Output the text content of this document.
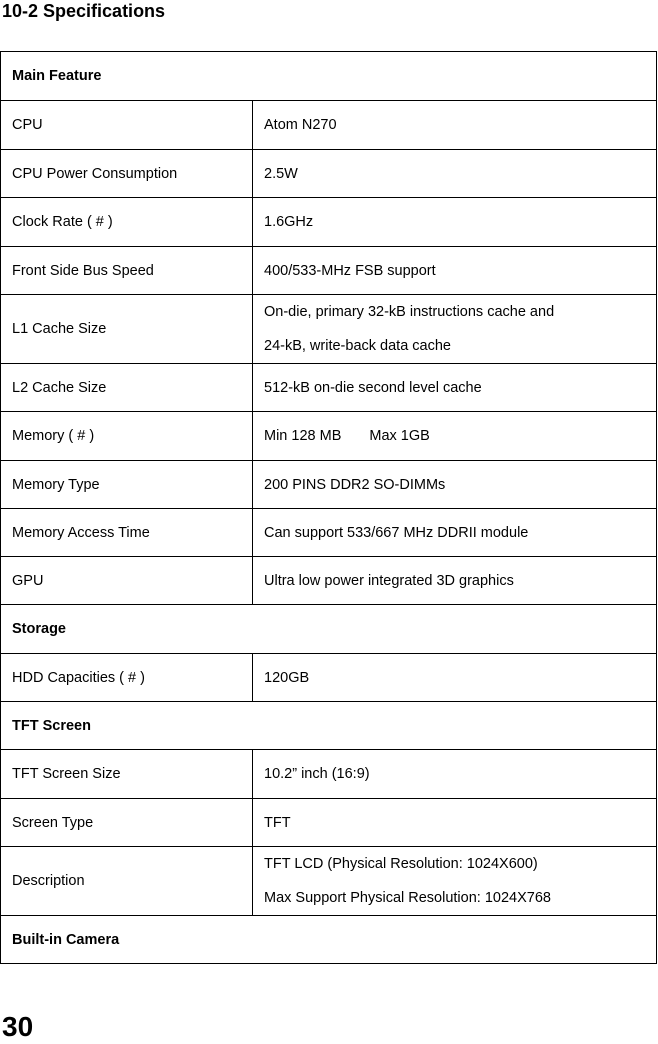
10-2 Specifications
Main Feature	
CPU	Atom N270
CPU Power Consumption	2.5W
Clock Rate ( # )	1.6GHz
Front Side Bus Speed	400/533-MHz FSB support
L1 Cache Size	On-die, primary 32-kB instructions cache and
24-kB, write-back data cache

L2 Cache Size	512-kB on-die second level cache
Memory ( # )	Min 128 MB Max 1GB
Memory Type	200 PINS DDR2 SO-DIMMs
Memory Access Time	Can support 533/667 MHz DDRII module
GPU	Ultra low power integrated 3D graphics
Storage	
HDD Capacities ( # )	120GB
TFT Screen	
TFT Screen Size	10.2” inch (16:9)
Screen Type	TFT
Description	TFT LCD (Physical Resolution: 1024X600)
Max Support Physical Resolution: 1024X768

Built-in Camera	
30
